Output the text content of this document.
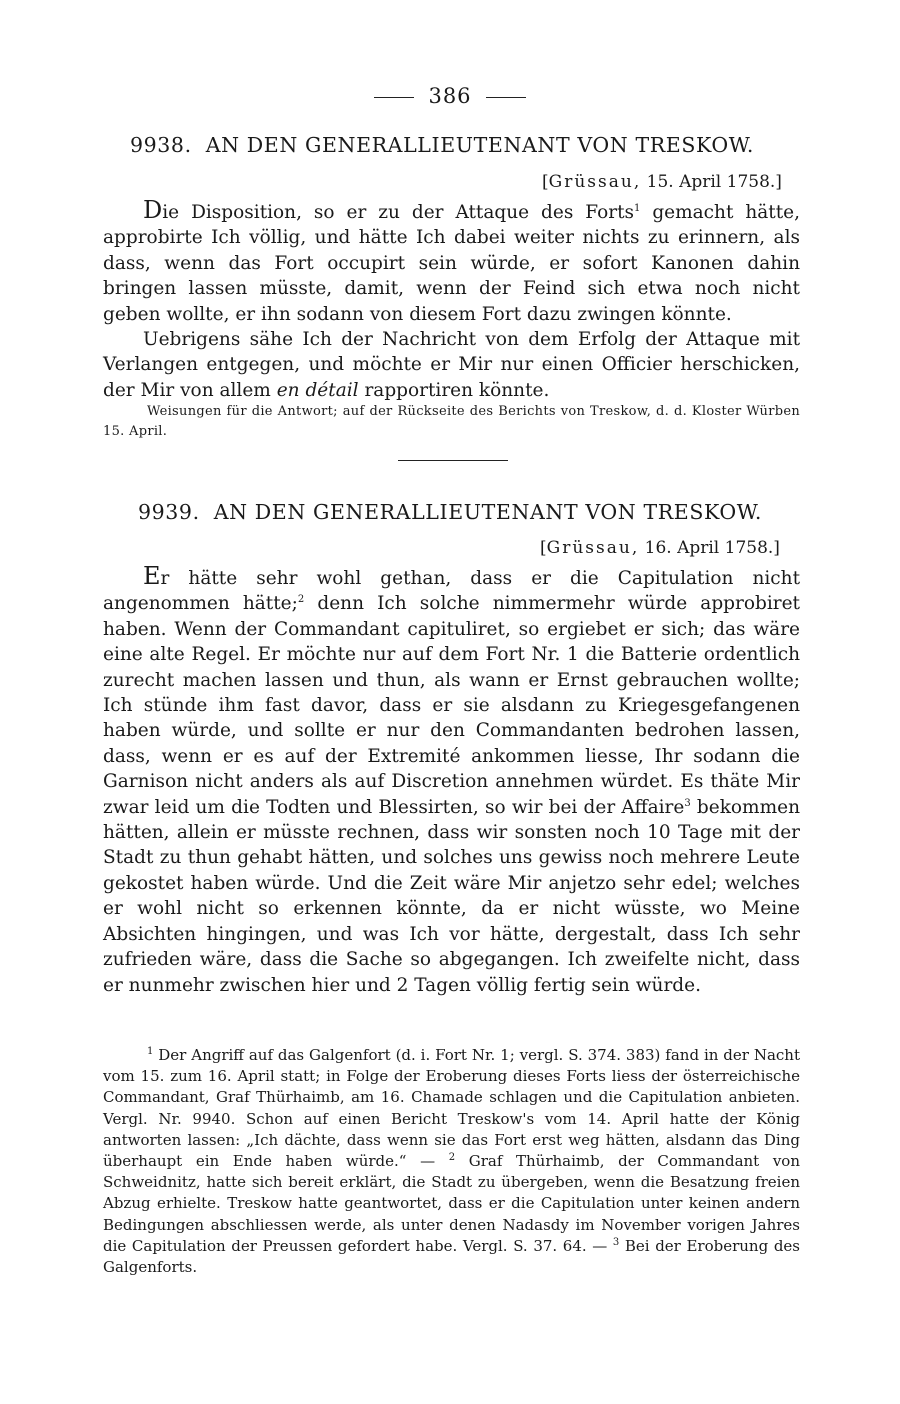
386
9938. AN DEN GENERALLIEUTENANT VON TRESKOW.
[Grüssau, 15. April 1758.]

Die Disposition, so er zu der Attaque des Forts$^1$ gemacht hätte, approbirte Ich völlig, und hätte Ich dabei weiter nichts zu erinnern, als dass, wenn das Fort occupirt sein würde, er sofort Kanonen dahin bringen lassen müsste, damit, wenn der Feind sich etwa noch nicht geben wollte, er ihn sodann von diesem Fort dazu zwingen könnte.

Uebrigens sähe Ich der Nachricht von dem Erfolg der Attaque mit Verlangen entgegen, und möchte er Mir nur einen Officier herschicken, der Mir von allem en détail rapportiren könnte.

Weisungen für die Antwort; auf der Rückseite des Berichts von Treskow, d. d. Kloster Würben 15. April.

9939. AN DEN GENERALLIEUTENANT VON TRESKOW.
[Grüssau, 16. April 1758.]

Er hätte sehr wohl gethan, dass er die Capitulation nicht angenommen hätte;$^2$ denn Ich solche nimmermehr würde approbiret haben. Wenn der Commandant capituliret, so ergiebet er sich; das wäre eine alte Regel. Er möchte nur auf dem Fort Nr. 1 die Batterie ordentlich zurecht machen lassen und thun, als wann er Ernst gebrauchen wollte; Ich stünde ihm fast davor, dass er sie alsdann zu Kriegesgefangenen haben würde, und sollte er nur den Commandanten bedrohen lassen, dass, wenn er es auf der Extremité ankommen liesse, Ihr sodann die Garnison nicht anders als auf Discretion annehmen würdet. Es thäte Mir zwar leid um die Todten und Blessirten, so wir bei der Affaire$^3$ bekommen hätten, allein er müsste rechnen, dass wir sonsten noch 10 Tage mit der Stadt zu thun gehabt hätten, und solches uns gewiss noch mehrere Leute gekostet haben würde. Und die Zeit wäre Mir anjetzo sehr edel; welches er wohl nicht so erkennen könnte, da er nicht wüsste, wo Meine Absichten hingingen, und was Ich vor hätte, dergestalt, dass Ich sehr zufrieden wäre, dass die Sache so abgegangen. Ich zweifelte nicht, dass er nunmehr zwischen hier und 2 Tagen völlig fertig sein würde.

$^1$ Der Angriff auf das Galgenfort (d. i. Fort Nr. 1; vergl. S. 374. 383) fand in der Nacht vom 15. zum 16. April statt; in Folge der Eroberung dieses Forts liess der österreichische Commandant, Graf Thürhaimb, am 16. Chamade schlagen und die Capitulation anbieten. Vergl. Nr. 9940. Schon auf einen Bericht Treskow's vom 14. April hatte der König antworten lassen: „Ich dächte, dass wenn sie das Fort erst weg hätten, alsdann das Ding überhaupt ein Ende haben würde.“ — $^2$ Graf Thürhaimb, der Commandant von Schweidnitz, hatte sich bereit erklärt, die Stadt zu übergeben, wenn die Besatzung freien Abzug erhielte. Treskow hatte geantwortet, dass er die Capitulation unter keinen andern Bedingungen abschliessen werde, als unter denen Nadasdy im November vorigen Jahres die Capitulation der Preussen gefordert habe. Vergl. S. 37. 64. — $^3$ Bei der Eroberung des Galgenforts.
